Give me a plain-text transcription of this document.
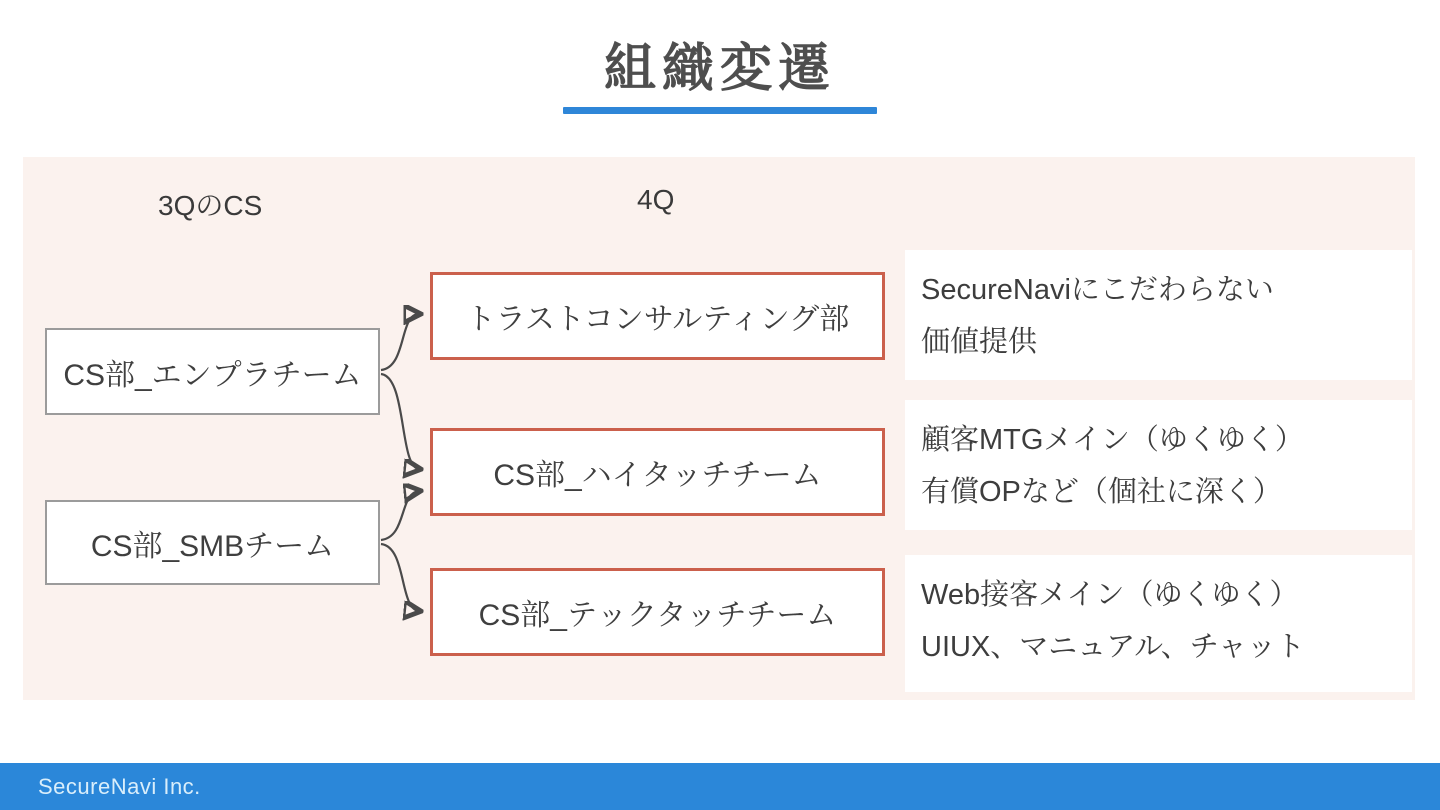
組織変遷
3QのCS	4Q
CS部_エンプラチーム
CS部_SMBチーム
トラストコンサルティング部
CS部_ハイタッチチーム
CS部_テックタッチチーム
SecureNaviにこだわらない
価値提供
顧客MTGメイン（ゆくゆく）
有償OPなど（個社に深く）
Web接客メイン（ゆくゆく）
UIUX、マニュアル、チャット
SecureNavi Inc.
